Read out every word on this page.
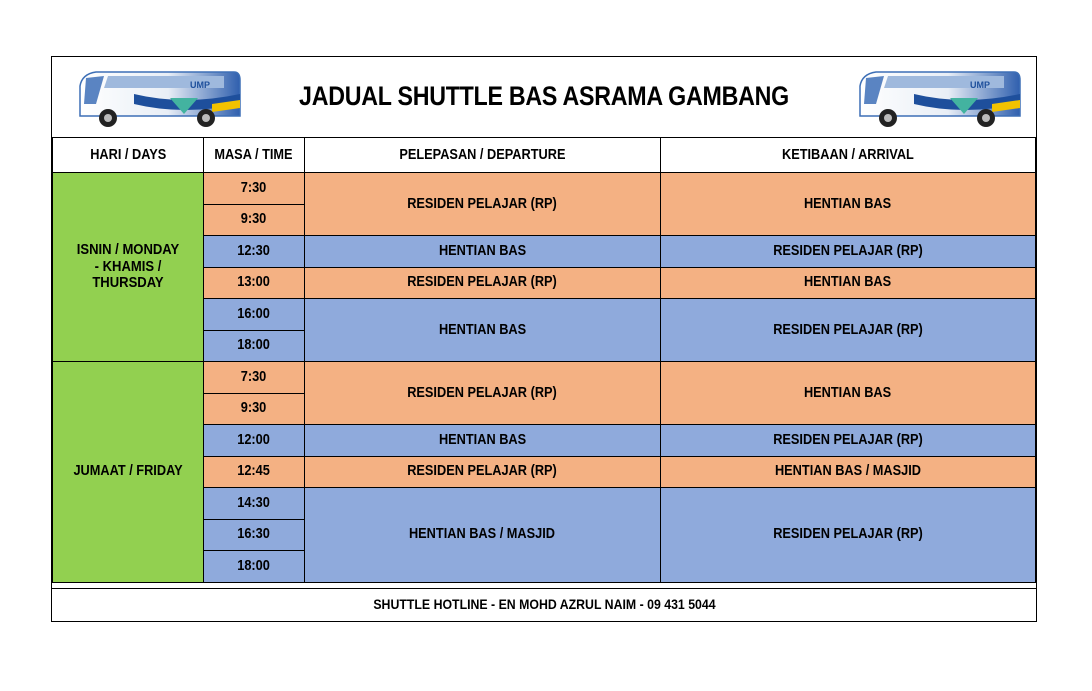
UMP	JADUAL SHUTTLE BAS ASRAMA GAMBANG	UMP
HARI / DAYS	MASA / TIME	PELEPASAN / DEPARTURE	KETIBAAN / ARRIVAL

ISNIN / MONDAY - KHAMIS / THURSDAY	7:30	RESIDEN PELAJAR (RP)	HENTIAN BAS
	9:30		
	12:30	HENTIAN BAS	RESIDEN PELAJAR (RP)
	13:00	RESIDEN PELAJAR (RP)	HENTIAN BAS
	16:00	HENTIAN BAS	RESIDEN PELAJAR (RP)
	18:00		
JUMAAT / FRIDAY	7:30	RESIDEN PELAJAR (RP)	HENTIAN BAS
	9:30		
	12:00	HENTIAN BAS	RESIDEN PELAJAR (RP)
	12:45	RESIDEN PELAJAR (RP)	HENTIAN BAS / MASJID
	14:30	HENTIAN BAS / MASJID	RESIDEN PELAJAR (RP)
	16:30		
	18:00		
SHUTTLE HOTLINE - EN MOHD AZRUL NAIM - 09 431 5044
